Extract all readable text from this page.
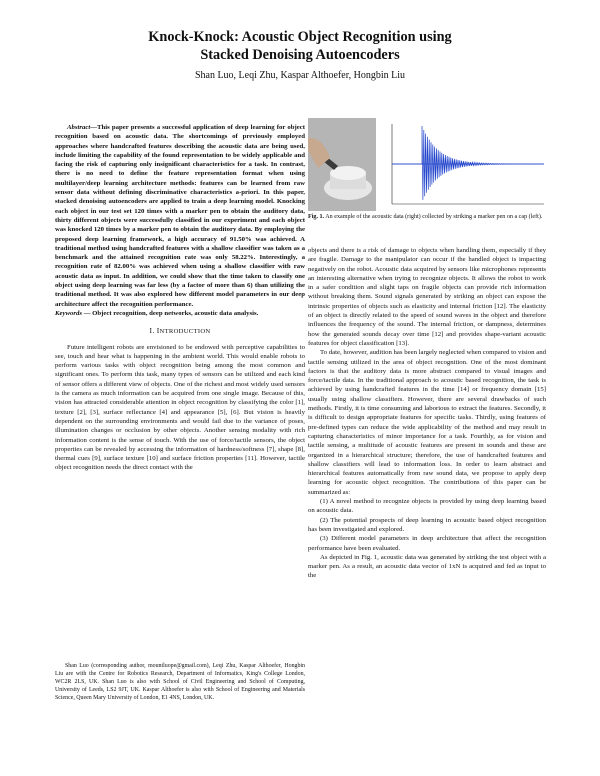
Knock-Knock: Acoustic Object Recognition using
Stacked Denoising Autoencoders
Shan Luo, Leqi Zhu, Kaspar Althoefer, Hongbin Liu

Abstract—This paper presents a successful application of deep learning for object recognition based on acoustic data. The shortcomings of previously employed approaches where handcrafted features describing the acoustic data are being used, include limiting the capability of the found representation to be widely applicable and facing the risk of capturing only insignificant characteristics for a task. In contrast, there is no need to define the feature representation format when using multilayer/deep learning architecture methods: features can be learned from raw sensor data without defining discriminative characteristics a-priori. In this paper, stacked denoising autoencoders are applied to train a deep learning model. Knocking each object in our test set 120 times with a marker pen to obtain the auditory data, thirty different objects were successfully classified in our experiment and each object was knocked 120 times by a marker pen to obtain the auditory data. By employing the proposed deep learning framework, a high accuracy of 91.50% was achieved. A traditional method using handcrafted features with a shallow classifier was taken as a benchmark and the attained recognition rate was only 58.22%. Interestingly, a recognition rate of 82.00% was achieved when using a shallow classifier with raw acoustic data as input. In addition, we could show that the time taken to classify one object using deep learning was far less (by a factor of more than 6) than utilizing the traditional method. It was also explored how different model parameters in our deep architecture affect the recognition performance.

Keywords — Object recognition, deep networks, acoustic data analysis.

I. INTRODUCTION

Future intelligent robots are envisioned to be endowed with perceptive capabilities to see, touch and hear what is happening in the ambient world. This would enable robots to perform various tasks with object recognition being among the most common and significant ones. To perform this task, many types of sensors can be utilized and each kind of sensor offers a different view of objects. One of the richest and most widely used sensors is the camera as much information can be acquired from one single image. Because of this, vision has attracted considerable attention in object recognition by classifying the color [1], texture [2], [3], surface reflectance [4] and appearance [5], [6]. But vision is heavily dependent on the surrounding environments and would fail due to the variance of poses, illumination changes or occlusion by other objects. Another sensing modality with rich information content is the sense of touch. With the use of force/tactile sensors, the object properties can be revealed by accessing the information of hardness/softness [7], shape [8], thermal cues [9], surface texture [10] and surface friction properties [11]. However, tactile object recognition needs the direct contact with the

Shan Luo (corresponding author, mountluope@gmail.com), Leqi Zhu, Kaspar Althoefer, Hongbin Liu are with the Centre for Robotics Research, Department of Informatics, King's College London, WC2R 2LS, UK. Shan Luo is also with School of Civil Engineering and School of Computing, University of Leeds, LS2 9JT, UK. Kaspar Althoefer is also with School of Engineering and Materials Science, Queen Mary University of London, E1 4NS, London, UK.

Fig. 1. An example of the acoustic data (right) collected by striking a marker pen on a cap (left).

objects and there is a risk of damage to objects when handling them, especially if they are fragile. Damage to the manipulator can occur if the handled object is impacting negatively on the robot. Acoustic data acquired by sensors like microphones represents an interesting alternative when trying to recognize objects. It allows the robot to work in a safer condition and slight taps on fragile objects can provide rich information without breaking them. Sound signals generated by striking an object can expose the intrinsic properties of objects such as elasticity and internal friction [12]. The elasticity of an object is directly related to the speed of sound waves in the object and therefore influences the frequency of the sound. The internal friction, or dampness, determines how the generated sounds decay over time [12] and provides shape-variant acoustic features for object classification [13].

To date, however, audition has been largely neglected when compared to vision and tactile sensing utilized in the area of object recognition. One of the most dominant factors is that the auditory data is more abstract compared to visual images and force/tactile data. In the traditional approach to acoustic based recognition, the task is achieved by using handcrafted features in the time [14] or frequency domain [15] usually using shallow classifiers. However, there are several drawbacks of such methods. Firstly, it is time consuming and laborious to extract the features. Secondly, it is difficult to design appropriate features for specific tasks. Thirdly, using features of pre-defined types can reduce the wide applicability of the method and may result in capturing characteristics of minor importance for a task. Fourthly, as for vision and tactile sensing, a multitude of acoustic features are present in sounds and these are organized in a hierarchical structure; therefore, the use of handcrafted features and shallow classifiers will lead to information loss. In order to learn abstract and hierarchical features automatically from raw sound data, we propose to apply deep learning for acoustic object recognition. The contributions of this paper can be summarized as:

(1) A novel method to recognize objects is provided by using deep learning based on acoustic data.

(2) The potential prospects of deep learning in acoustic based object recognition has been investigated and explored.

(3) Different model parameters in deep architecture that affect the recognition performance have been evaluated.

As depicted in Fig. 1, acoustic data was generated by striking the test object with a marker pen. As a result, an acoustic data vector of 1xN is acquired and fed as input to the
